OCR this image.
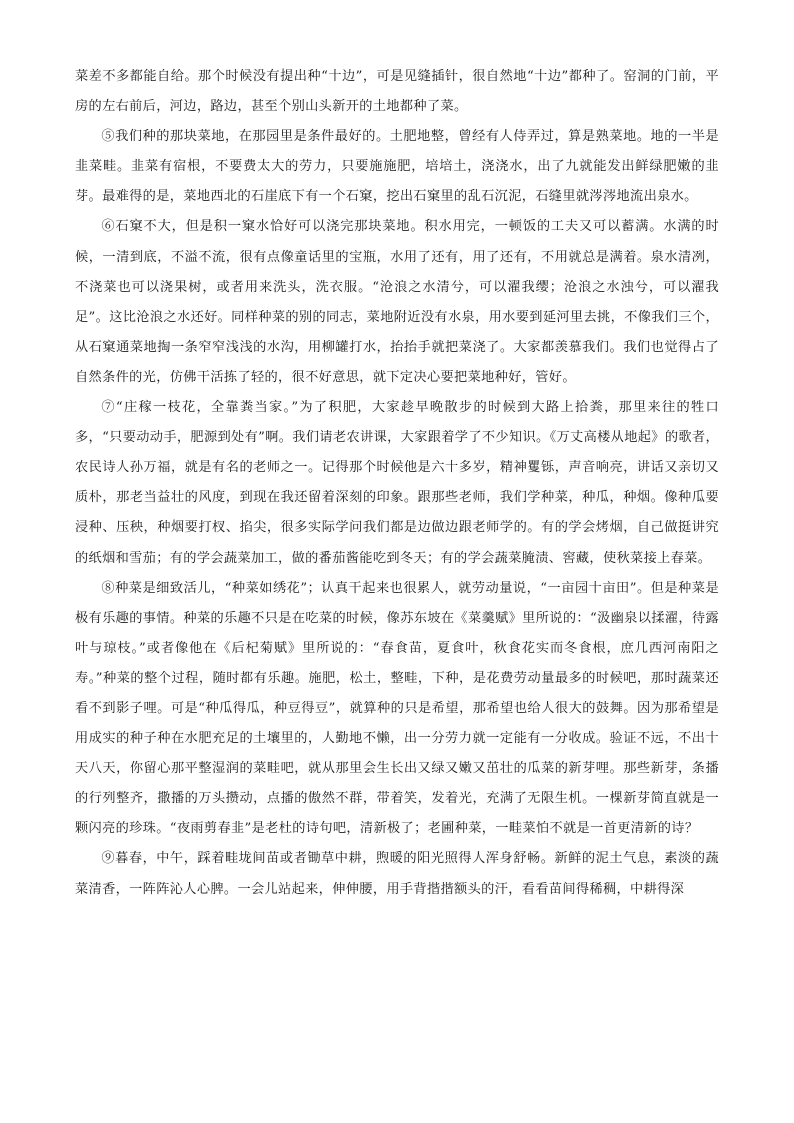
菜差不多都能自给。那个时候没有提出种“十边”，可是见缝插针，很自然地“十边”都种了。窑洞的门前，平房的左右前后，河边，路边，甚至个别山头新开的土地都种了菜。

⑤我们种的那块菜地，在那园里是条件最好的。土肥地整，曾经有人侍弄过，算是熟菜地。地的一半是韭菜畦。韭菜有宿根，不要费太大的劳力，只要施施肥，培培土，浇浇水，出了九就能发出鲜绿肥嫩的韭芽。最难得的是，菜地西北的石崖底下有一个石窠，挖出石窠里的乱石沉泥，石缝里就涔涔地流出泉水。

⑥石窠不大，但是积一窠水恰好可以浇完那块菜地。积水用完，一顿饭的工夫又可以蓄满。水满的时候，一清到底，不溢不流，很有点像童话里的宝瓶，水用了还有，用了还有，不用就总是满着。泉水清冽，不浇菜也可以浇果树，或者用来洗头，洗衣服。“沧浪之水清兮，可以濯我缨；沧浪之水浊兮，可以濯我足”。这比沧浪之水还好。同样种菜的别的同志，菜地附近没有水泉，用水要到延河里去挑，不像我们三个，从石窠通菜地掏一条窄窄浅浅的水沟，用柳罐打水，抬抬手就把菜浇了。大家都羡慕我们。我们也觉得占了自然条件的光，仿佛干活拣了轻的，很不好意思，就下定决心要把菜地种好，管好。

⑦“庄稼一枝花，全靠粪当家。”为了积肥，大家趁早晚散步的时候到大路上拾粪，那里来往的牲口多，“只要动动手，肥源到处有”啊。我们请老农讲课，大家跟着学了不少知识。《万丈高楼从地起》的歌者，农民诗人孙万福，就是有名的老师之一。记得那个时候他是六十多岁，精神矍铄，声音响亮，讲话又亲切又质朴，那老当益壮的风度，到现在我还留着深刻的印象。跟那些老师，我们学种菜，种瓜，种烟。像种瓜要浸种、压秧，种烟要打杈、掐尖，很多实际学问我们都是边做边跟老师学的。有的学会烤烟，自己做挺讲究的纸烟和雪茄；有的学会蔬菜加工，做的番茄酱能吃到冬天；有的学会蔬菜腌渍、窖藏，使秋菜接上春菜。

⑧种菜是细致活儿，“种菜如绣花”；认真干起来也很累人，就劳动量说，“一亩园十亩田”。但是种菜是极有乐趣的事情。种菜的乐趣不只是在吃菜的时候，像苏东坡在《菜羹赋》里所说的：“汲幽泉以揉濯，待露叶与琼枝。”或者像他在《后杞菊赋》里所说的：“春食苗，夏食叶，秋食花实而冬食根，庶几西河南阳之寿。”种菜的整个过程，随时都有乐趣。施肥，松土，整畦，下种，是花费劳动量最多的时候吧，那时蔬菜还看不到影子哩。可是“种瓜得瓜，种豆得豆”，就算种的只是希望，那希望也给人很大的鼓舞。因为那希望是用成实的种子种在水肥充足的土壤里的，人勤地不懒，出一分劳力就一定能有一分收成。验证不远，不出十天八天，你留心那平整湿润的菜畦吧，就从那里会生长出又绿又嫩又茁壮的瓜菜的新芽哩。那些新芽，条播的行列整齐，撒播的万头攒动，点播的傲然不群，带着笑，发着光，充满了无限生机。一棵新芽简直就是一颗闪亮的珍珠。“夜雨剪春韭”是老杜的诗句吧，清新极了；老圃种菜，一畦菜怕不就是一首更清新的诗？

⑨暮春，中午，踩着畦垅间苗或者锄草中耕，煦暖的阳光照得人浑身舒畅。新鲜的泥土气息，素淡的蔬菜清香，一阵阵沁人心脾。一会儿站起来，伸伸腰，用手背揩揩额头的汗，看看苗间得稀稠，中耕得深
